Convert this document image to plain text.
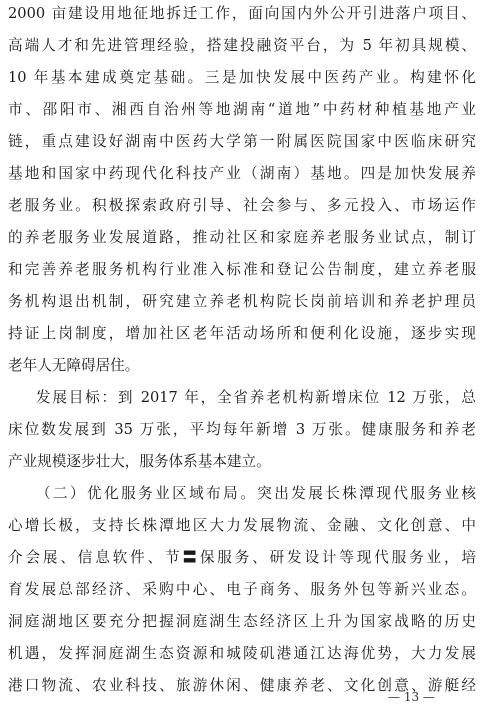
2000 亩建设用地征地拆迁工作，面向国内外公开引进落户项目、
高端人才和先进管理经验，搭建投融资平台，为 5 年初具规模、
10 年基本建成奠定基础。三是加快发展中医药产业。构建怀化
市、邵阳市、湘西自治州等地湖南“道地”中药材种植基地产业
链，重点建设好湖南中医药大学第一附属医院国家中医临床研究
基地和国家中药现代化科技产业（湖南）基地。四是加快发展养
老服务业。积极探索政府引导、社会参与、多元投入、市场运作
的养老服务业发展道路，推动社区和家庭养老服务业试点，制订
和完善养老服务机构行业准入标准和登记公告制度，建立养老服
务机构退出机制，研究建立养老机构院长岗前培训和养老护理员
持证上岗制度，增加社区老年活动场所和便利化设施，逐步实现
老年人无障碍居住。
发展目标：到 2017 年，全省养老机构新增床位 12 万张，总
床位数发展到 35 万张，平均每年新增 3 万张。健康服务和养老
产业规模逐步壮大，服务体系基本建立。
（二）优化服务业区域布局。突出发展长株潭现代服务业核
心增长极，支持长株潭地区大力发展物流、金融、文化创意、中
介会展、信息软件、节〓保服务、研发设计等现代服务业，培
育发展总部经济、采购中心、电子商务、服务外包等新兴业态。
洞庭湖地区要充分把握洞庭湖生态经济区上升为国家战略的历史
机遇，发挥洞庭湖生态资源和城陵矶港通江达海优势，大力发展
港口物流、农业科技、旅游休闲、健康养老、文化创意、游艇经
— 13 —
